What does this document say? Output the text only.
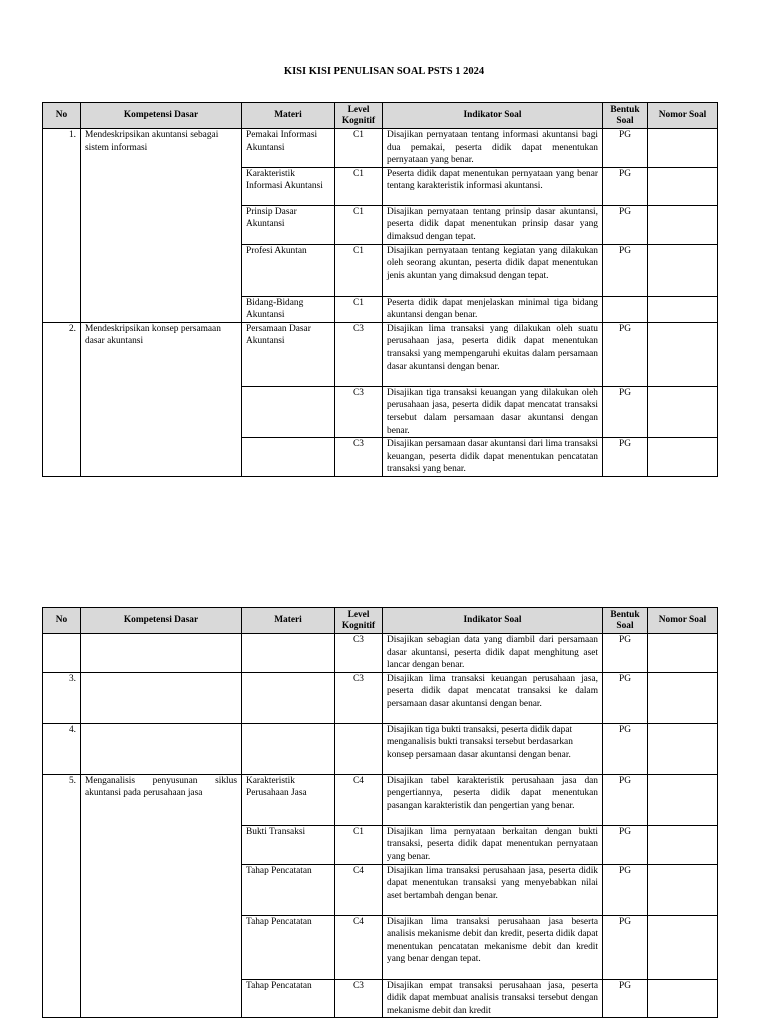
KISI KISI PENULISAN SOAL PSTS 1 2024
No	Kompetensi Dasar	Materi	Level Kognitif	Indikator Soal	Bentuk Soal	Nomor Soal
1.	Mendeskripsikan akuntansi sebagai sistem informasi	Pemakai Informasi Akuntansi	C1	Disajikan pernyataan tentang informasi akuntansi bagi dua pemakai, peserta didik dapat menentukan pernyataan yang benar.	PG	
		Karakteristik Informasi Akuntansi	C1	Peserta didik dapat menentukan pernyataan yang benar tentang karakteristik informasi akuntansi.	PG	
		Prinsip Dasar Akuntansi	C1	Disajikan pernyataan tentang prinsip dasar akuntansi, peserta didik dapat menentukan prinsip dasar yang dimaksud dengan tepat.	PG	
		Profesi Akuntan	C1	Disajikan pernyataan tentang kegiatan yang dilakukan oleh seorang akuntan, peserta didik dapat menentukan jenis akuntan yang dimaksud dengan tepat.	PG	
		Bidang-Bidang Akuntansi	C1	Peserta didik dapat menjelaskan minimal tiga bidang akuntansi dengan benar.		
2.	Mendeskripsikan konsep persamaan dasar akuntansi	Persamaan Dasar Akuntansi	C3	Disajikan lima transaksi yang dilakukan oleh suatu perusahaan jasa, peserta didik dapat menentukan transaksi yang mempengaruhi ekuitas dalam persamaan dasar akuntansi dengan benar.	PG	
			C3	Disajikan tiga transaksi keuangan yang dilakukan oleh perusahaan jasa, peserta didik dapat mencatat transaksi tersebut dalam persamaan dasar akuntansi dengan benar.	PG	
			C3	Disajikan persamaan dasar akuntansi dari lima transaksi keuangan, peserta didik dapat menentukan pencatatan transaksi yang benar.	PG	
No	Kompetensi Dasar	Materi	Level Kognitif	Indikator Soal	Bentuk Soal	Nomor Soal
			C3	Disajikan sebagian data yang diambil dari persamaan dasar akuntansi, peserta didik dapat menghitung aset lancar dengan benar.	PG	
3.			C3	Disajikan lima transaksi keuangan perusahaan jasa, peserta didik dapat mencatat transaksi ke dalam persamaan dasar akuntansi dengan benar.	PG	
4.				Disajikan tiga bukti transaksi, peserta didik dapat menganalisis bukti transaksi tersebut berdasarkan konsep persamaan dasar akuntansi dengan benar.	PG	
5.	Menganalisis penyusunan siklus akuntansi pada perusahaan jasa	Karakteristik Perusahaan Jasa	C4	Disajikan tabel karakteristik perusahaan jasa dan pengertiannya, peserta didik dapat menentukan pasangan karakteristik dan pengertian yang benar.	PG	
		Bukti Transaksi	C1	Disajikan lima pernyataan berkaitan dengan bukti transaksi, peserta didik dapat menentukan pernyataan yang benar.	PG	
		Tahap Pencatatan	C4	Disajikan lima transaksi perusahaan jasa, peserta didik dapat menentukan transaksi yang menyebabkan nilai aset bertambah dengan benar.	PG	
		Tahap Pencatatan	C4	Disajikan lima transaksi perusahaan jasa beserta analisis mekanisme debit dan kredit, peserta didik dapat menentukan pencatatan mekanisme debit dan kredit yang benar dengan tepat.	PG	
		Tahap Pencatatan	C3	Disajikan empat transaksi perusahaan jasa, peserta didik dapat membuat analisis transaksi tersebut dengan mekanisme debit dan kredit	PG	
